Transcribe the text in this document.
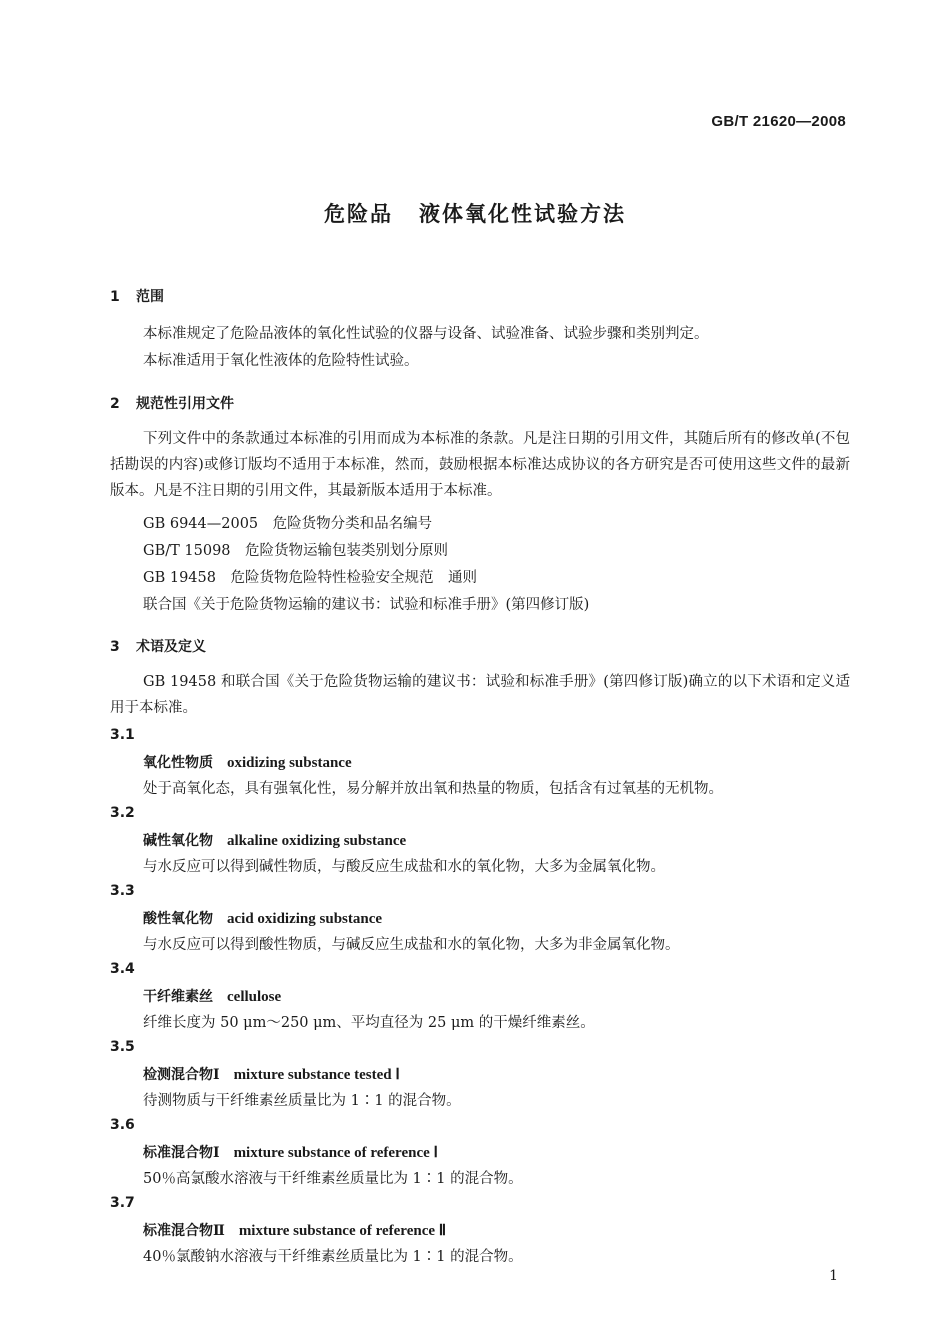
GB/T 21620—2008
危险品 液体氧化性试验方法
1 范围
本标准规定了危险品液体的氧化性试验的仪器与设备、试验准备、试验步骤和类别判定。
本标准适用于氧化性液体的危险特性试验。
2 规范性引用文件
下列文件中的条款通过本标准的引用而成为本标准的条款。凡是注日期的引用文件，其随后所有的修改单(不包括勘误的内容)或修订版均不适用于本标准，然而，鼓励根据本标准达成协议的各方研究是否可使用这些文件的最新版本。凡是不注日期的引用文件，其最新版本适用于本标准。
GB 6944—2005　危险货物分类和品名编号
GB/T 15098　危险货物运输包装类别划分原则
GB 19458　危险货物危险特性检验安全规范　通则
联合国《关于危险货物运输的建议书：试验和标准手册》(第四修订版)
3 术语及定义
GB 19458 和联合国《关于危险货物运输的建议书：试验和标准手册》(第四修订版)确立的以下术语和定义适用于本标准。
3.1
氧化性物质 oxidizing substance
处于高氧化态，具有强氧化性，易分解并放出氧和热量的物质，包括含有过氧基的无机物。
3.2
碱性氧化物 alkaline oxidizing substance
与水反应可以得到碱性物质，与酸反应生成盐和水的氧化物，大多为金属氧化物。
3.3
酸性氧化物 acid oxidizing substance
与水反应可以得到酸性物质，与碱反应生成盐和水的氧化物，大多为非金属氧化物。
3.4
干纤维素丝 cellulose
纤维长度为 50 μm～250 μm、平均直径为 25 μm 的干燥纤维素丝。
3.5
检测混合物Ⅰ mixture substance tested Ⅰ
待测物质与干纤维素丝质量比为 1∶1 的混合物。
3.6
标准混合物Ⅰ mixture substance of reference Ⅰ
50％高氯酸水溶液与干纤维素丝质量比为 1∶1 的混合物。
3.7
标准混合物Ⅱ mixture substance of reference Ⅱ
40％氯酸钠水溶液与干纤维素丝质量比为 1∶1 的混合物。
1
